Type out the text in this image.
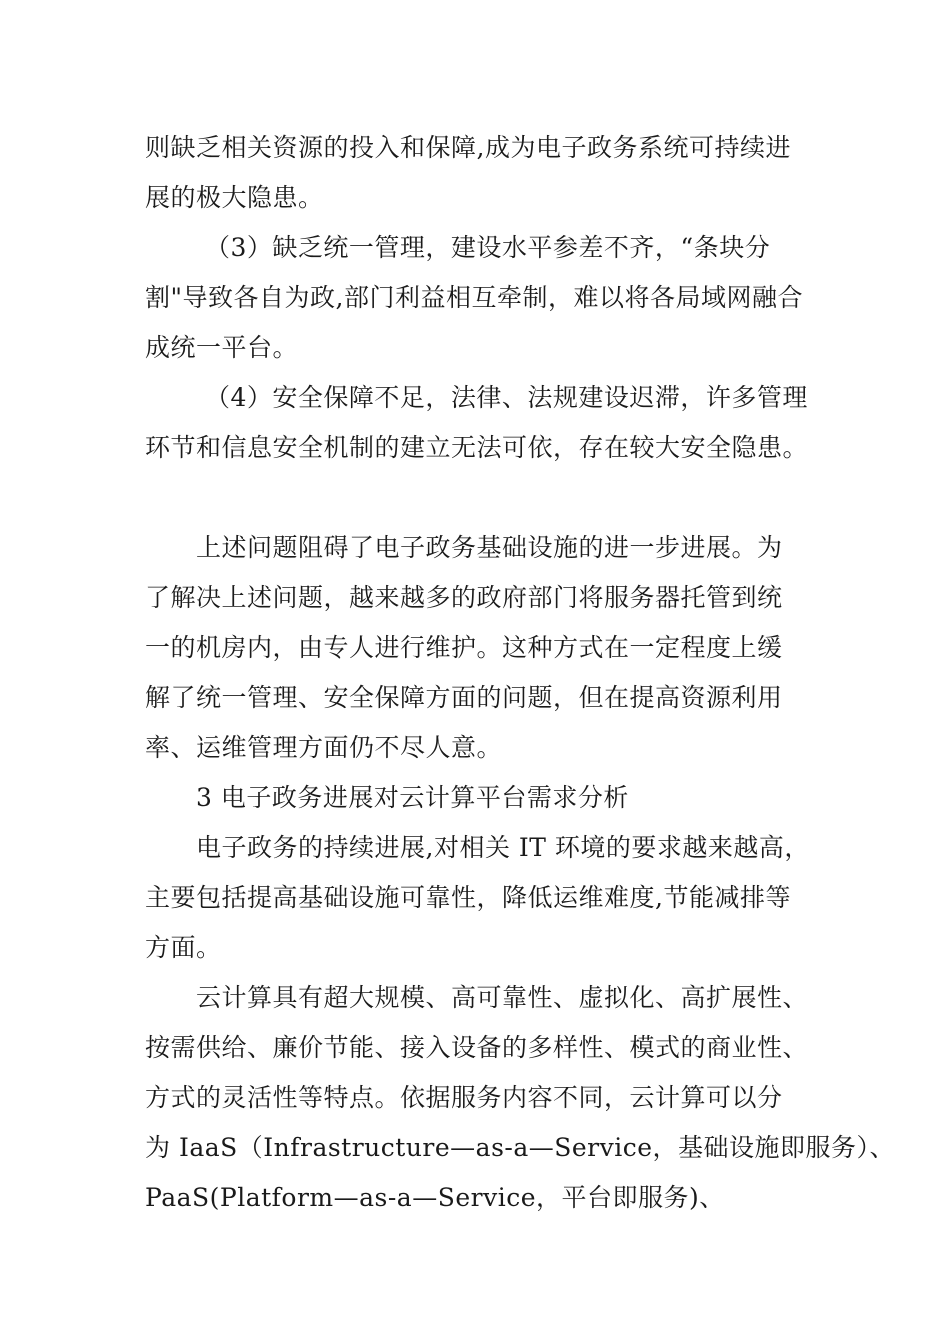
则缺乏相关资源的投入和保障,成为电子政务系统可持续进
展的极大隐患。
（3）缺乏统一管理，建设水平参差不齐，“条块分
割"导致各自为政,部门利益相互牵制，难以将各局域网融合
成统一平台。
（4）安全保障不足，法律、法规建设迟滞，许多管理
环节和信息安全机制的建立无法可依，存在较大安全隐患。
上述问题阻碍了电子政务基础设施的进一步进展。为
了解决上述问题，越来越多的政府部门将服务器托管到统
一的机房内，由专人进行维护。这种方式在一定程度上缓
解了统一管理、安全保障方面的问题，但在提高资源利用
率、运维管理方面仍不尽人意。
3 电子政务进展对云计算平台需求分析
电子政务的持续进展,对相关 IT 环境的要求越来越高，
主要包括提高基础设施可靠性，降低运维难度,节能减排等
方面。
云计算具有超大规模、高可靠性、虚拟化、高扩展性、
按需供给、廉价节能、接入设备的多样性、模式的商业性、
方式的灵活性等特点。依据服务内容不同，云计算可以分
为 IaaS（Infrastructure—as-a—Service，基础设施即服务）、
PaaS(Platform—as-a—Service，平台即服务)、
